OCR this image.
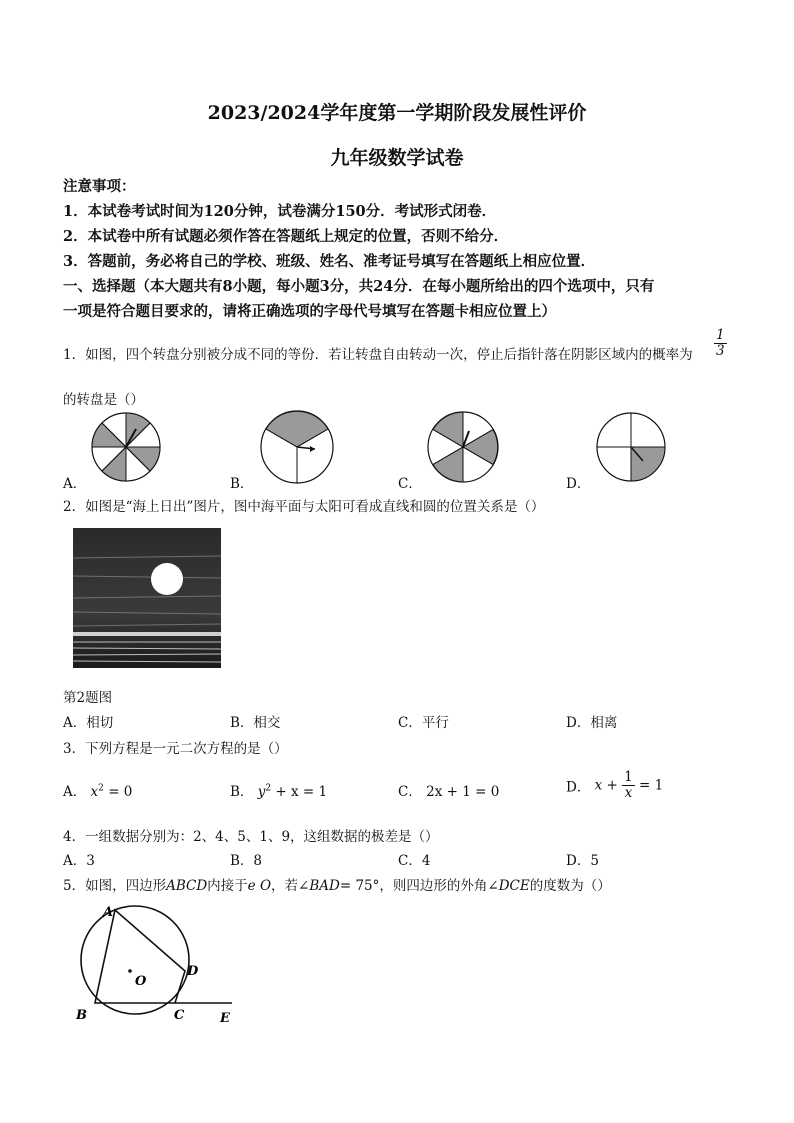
2023/2024学年度第一学期阶段发展性评价
九年级数学试卷
注意事项：
1．本试卷考试时间为120分钟，试卷满分150分．考试形式闭卷．
2．本试卷中所有试题必须作答在答题纸上规定的位置，否则不给分．
3．答题前，务必将自己的学校、班级、姓名、准考证号填写在答题纸上相应位置．
一、选择题（本大题共有8小题，每小题3分，共24分．在每小题所给出的四个选项中，只有
一项是符合题目要求的，请将正确选项的字母代号填写在答题卡相应位置上）
1．如图，四个转盘分别被分成不同的等份．若让转盘自由转动一次，停止后指针落在阴影区域内的概率为 $\frac{1}{3}$
的转盘是（）
A．	B．	C．	D．
2．如图是“海上日出”图片，图中海平面与太阳可看成直线和圆的位置关系是（）
第2题图
A．相切	B．相交	C．平行	D．相离
3．下列方程是一元二次方程的是（）
A． $x^2 = 0$	B． $y^2 + x = 1$	C． 2x + 1 = 0	D． $x + \frac{1}{x} = 1$
4．一组数据分别为：2、4、5、1、9，这组数据的极差是（）
A．3	B．8	C．4	D．5
5．如图，四边形ABCD内接于e O，若∠BAD= 75°，则四边形的外角∠DCE的度数为（）
A
B	C
D
E
O
